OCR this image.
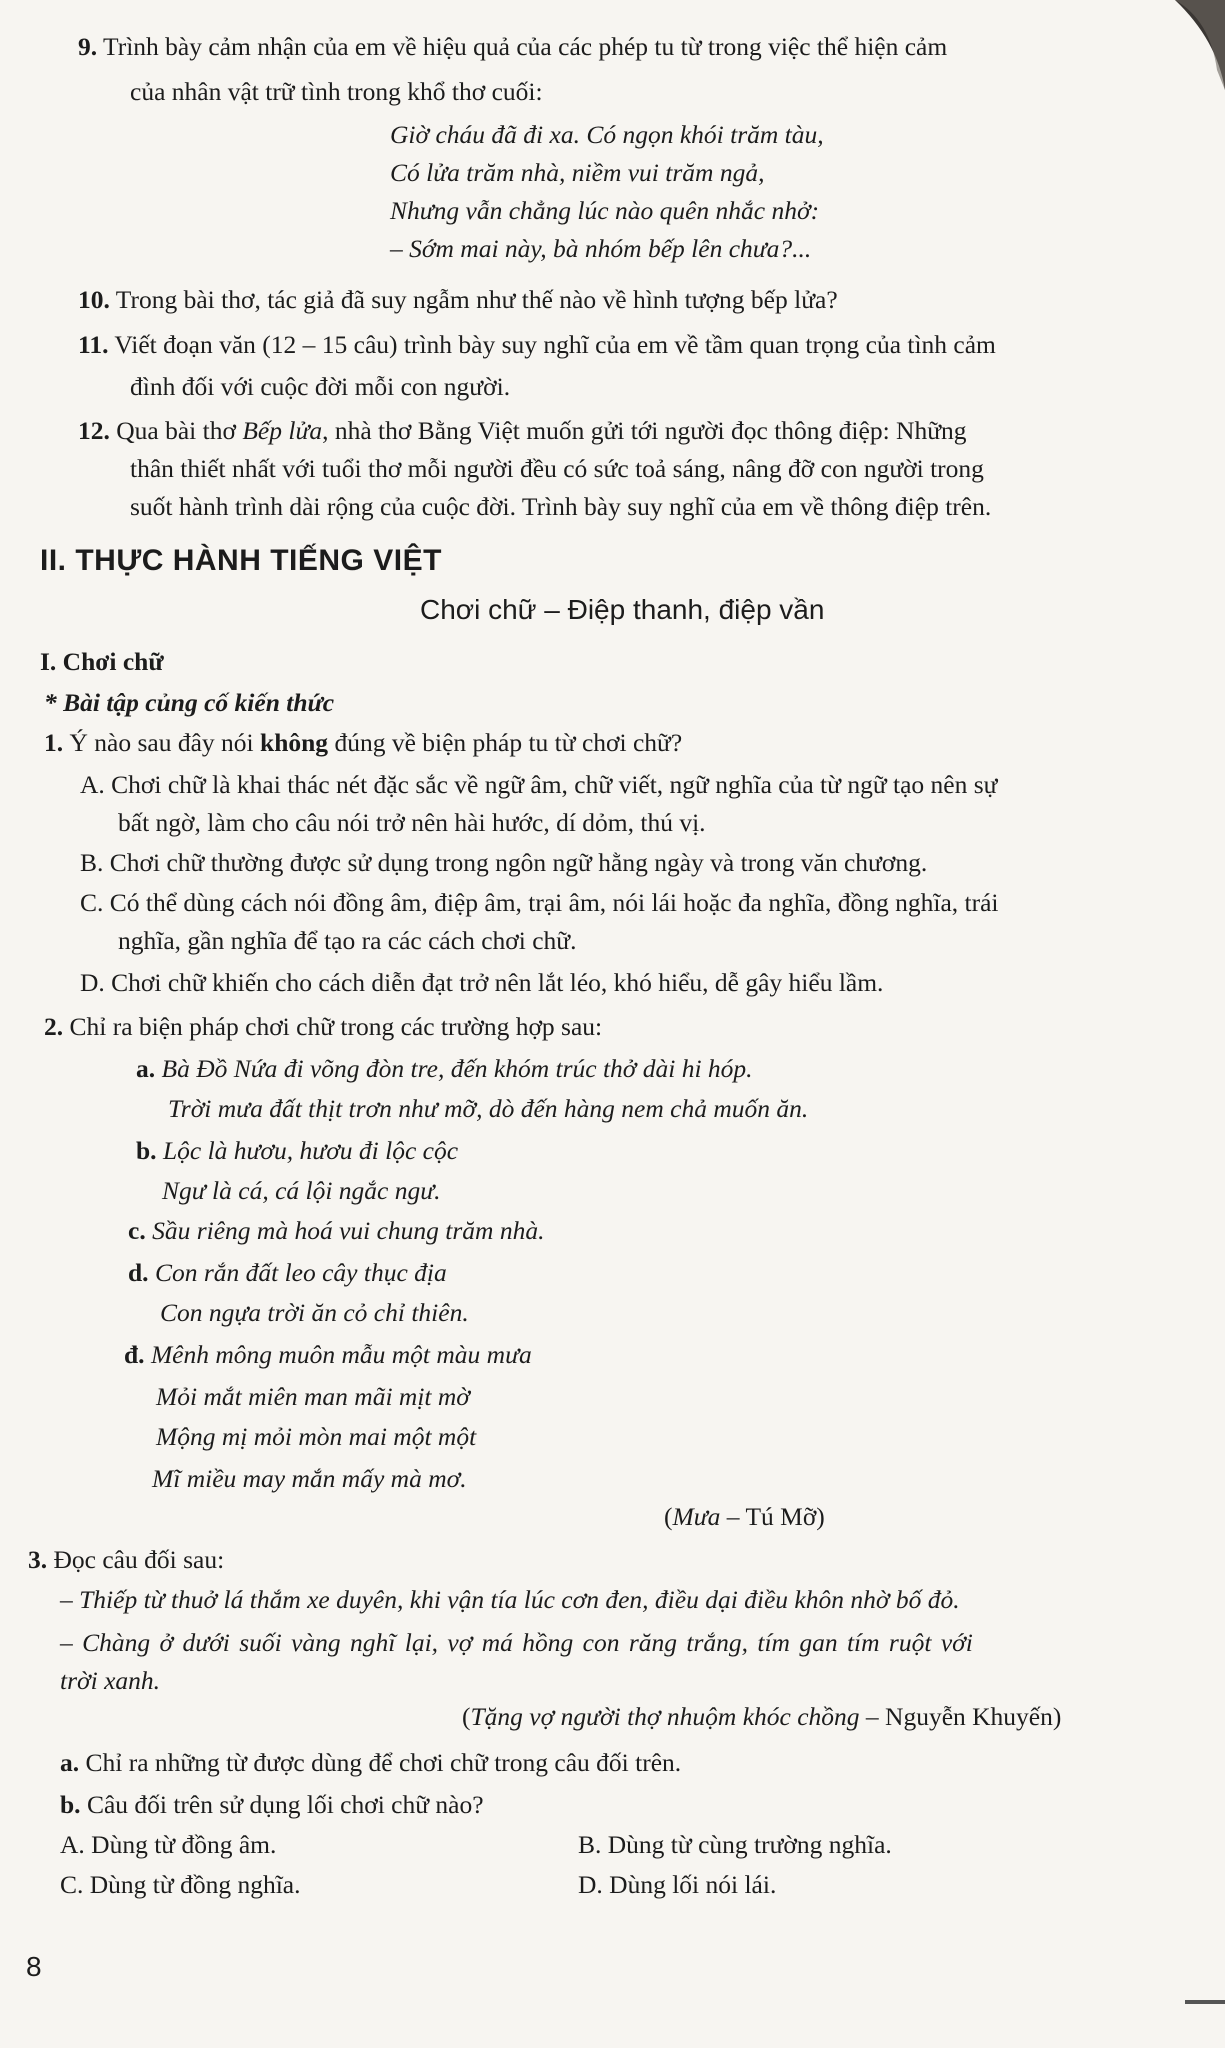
9. Trình bày cảm nhận của em về hiệu quả của các phép tu từ trong việc thể hiện cảm
của nhân vật trữ tình trong khổ thơ cuối:
Giờ cháu đã đi xa. Có ngọn khói trăm tàu,
Có lửa trăm nhà, niềm vui trăm ngả,
Nhưng vẫn chẳng lúc nào quên nhắc nhở:
– Sớm mai này, bà nhóm bếp lên chưa?...
10. Trong bài thơ, tác giả đã suy ngẫm như thế nào về hình tượng bếp lửa?
11. Viết đoạn văn (12 – 15 câu) trình bày suy nghĩ của em về tầm quan trọng của tình cảm
đình đối với cuộc đời mỗi con người.
12. Qua bài thơ Bếp lửa, nhà thơ Bằng Việt muốn gửi tới người đọc thông điệp: Những
thân thiết nhất với tuổi thơ mỗi người đều có sức toả sáng, nâng đỡ con người trong
suốt hành trình dài rộng của cuộc đời. Trình bày suy nghĩ của em về thông điệp trên.
II. THỰC HÀNH TIẾNG VIỆT
Chơi chữ – Điệp thanh, điệp vần
I. Chơi chữ
* Bài tập củng cố kiến thức
1. Ý nào sau đây nói không đúng về biện pháp tu từ chơi chữ?
A. Chơi chữ là khai thác nét đặc sắc về ngữ âm, chữ viết, ngữ nghĩa của từ ngữ tạo nên sự
bất ngờ, làm cho câu nói trở nên hài hước, dí dỏm, thú vị.
B. Chơi chữ thường được sử dụng trong ngôn ngữ hằng ngày và trong văn chương.
C. Có thể dùng cách nói đồng âm, điệp âm, trại âm, nói lái hoặc đa nghĩa, đồng nghĩa, trái
nghĩa, gần nghĩa để tạo ra các cách chơi chữ.
D. Chơi chữ khiến cho cách diễn đạt trở nên lắt léo, khó hiểu, dễ gây hiểu lầm.
2. Chỉ ra biện pháp chơi chữ trong các trường hợp sau:
a. Bà Đồ Nứa đi võng đòn tre, đến khóm trúc thở dài hi hóp.
Trời mưa đất thịt trơn như mỡ, dò đến hàng nem chả muốn ăn.
b. Lộc là hươu, hươu đi lộc cộc
Ngư là cá, cá lội ngắc ngư.
c. Sầu riêng mà hoá vui chung trăm nhà.
d. Con rắn đất leo cây thục địa
Con ngựa trời ăn cỏ chỉ thiên.
đ. Mênh mông muôn mẫu một màu mưa
Mỏi mắt miên man mãi mịt mờ
Mộng mị mỏi mòn mai một một
Mĩ miều may mắn mấy mà mơ.
(Mưa – Tú Mỡ)
3. Đọc câu đối sau:
– Thiếp từ thuở lá thắm xe duyên, khi vận tía lúc cơn đen, điều dại điều khôn nhờ bố đỏ.
– Chàng ở dưới suối vàng nghĩ lại, vợ má hồng con răng trắng, tím gan tím ruột với
trời xanh.
(Tặng vợ người thợ nhuộm khóc chồng – Nguyễn Khuyến)
a. Chỉ ra những từ được dùng để chơi chữ trong câu đối trên.
b. Câu đối trên sử dụng lối chơi chữ nào?
A. Dùng từ đồng âm.	B. Dùng từ cùng trường nghĩa.
C. Dùng từ đồng nghĩa.	D. Dùng lối nói lái.
8
